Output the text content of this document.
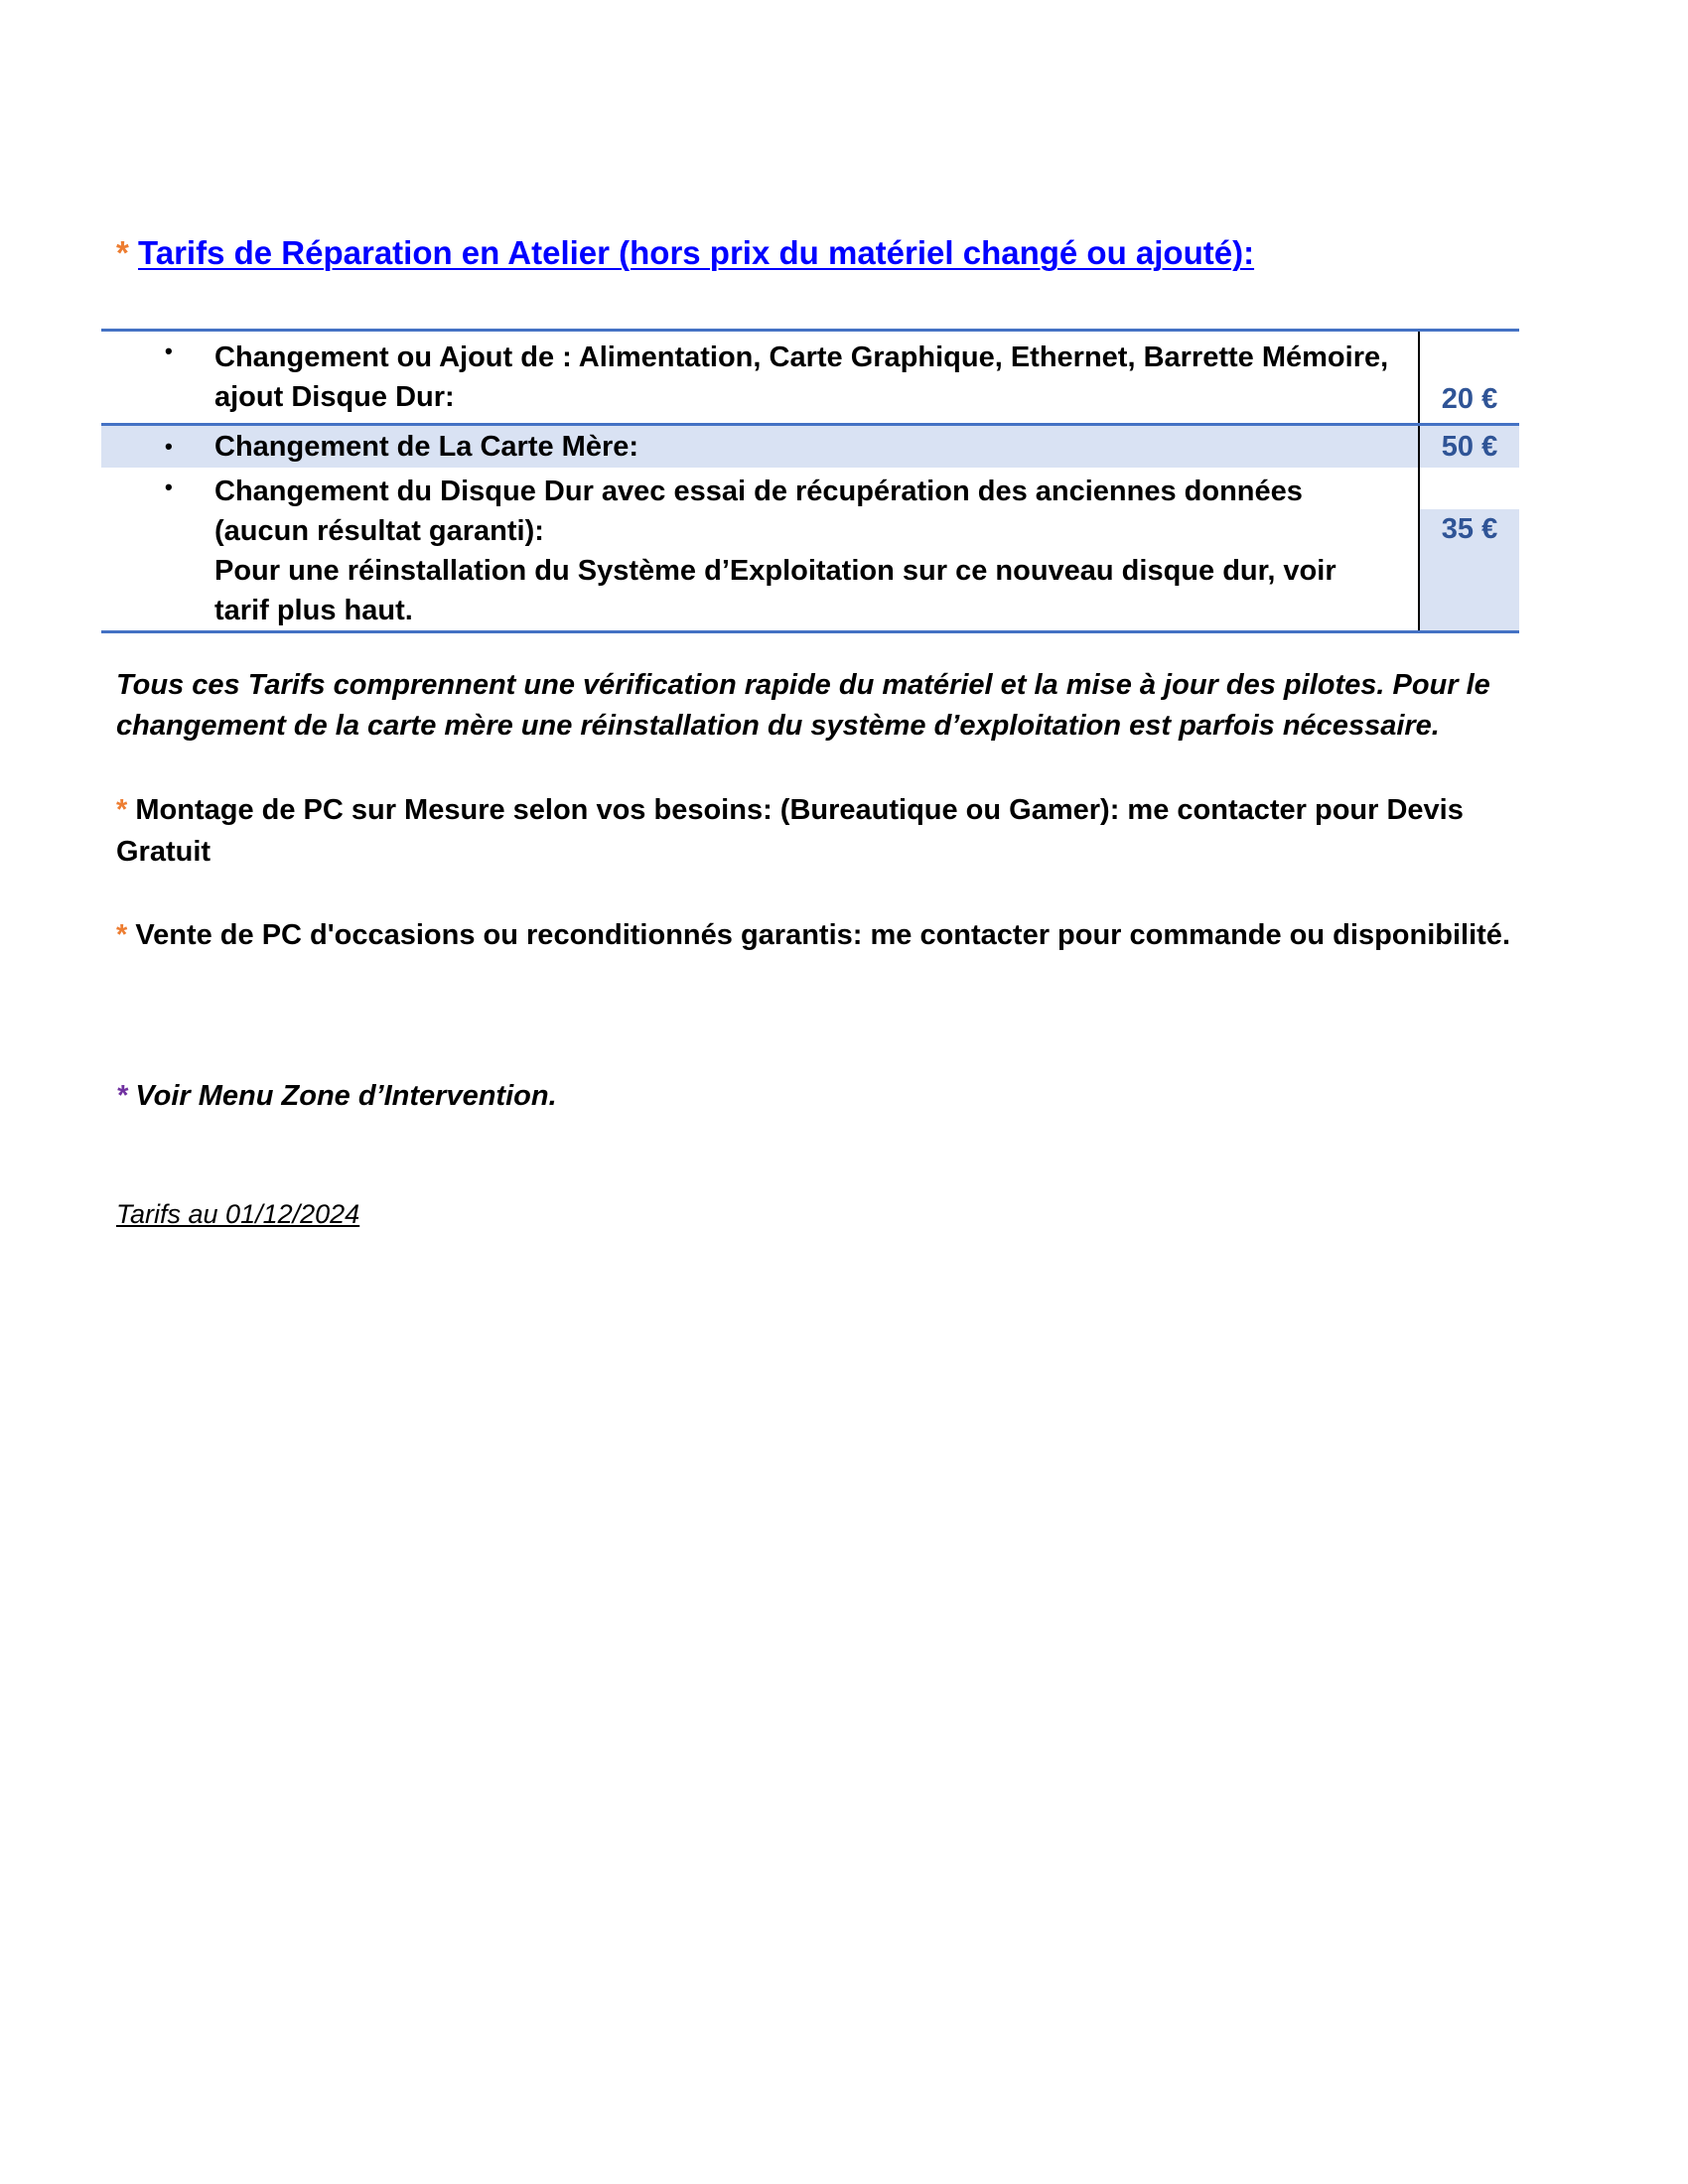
* Tarifs de Réparation en Atelier (hors prix du matériel changé ou ajouté):
• Changement ou Ajout de : Alimentation, Carte Graphique, Ethernet, Barrette Mémoire, ajout Disque Dur:	20 €
• Changement de La Carte Mère:	50 €
• Changement du Disque Dur avec essai de récupération des anciennes données (aucun résultat garanti):
Pour une réinstallation du Système d’Exploitation sur ce nouveau disque dur, voir tarif plus haut.
35 €
Tous ces Tarifs comprennent une vérification rapide du matériel et la mise à jour des pilotes. Pour le changement de la carte mère une réinstallation du système d’exploitation est parfois nécessaire.
* Montage de PC sur Mesure selon vos besoins: (Bureautique ou Gamer): me contacter pour Devis Gratuit
* Vente de PC d'occasions ou reconditionnés garantis: me contacter pour commande ou disponibilité.
* Voir Menu Zone d’Intervention.
Tarifs au 01/12/2024
